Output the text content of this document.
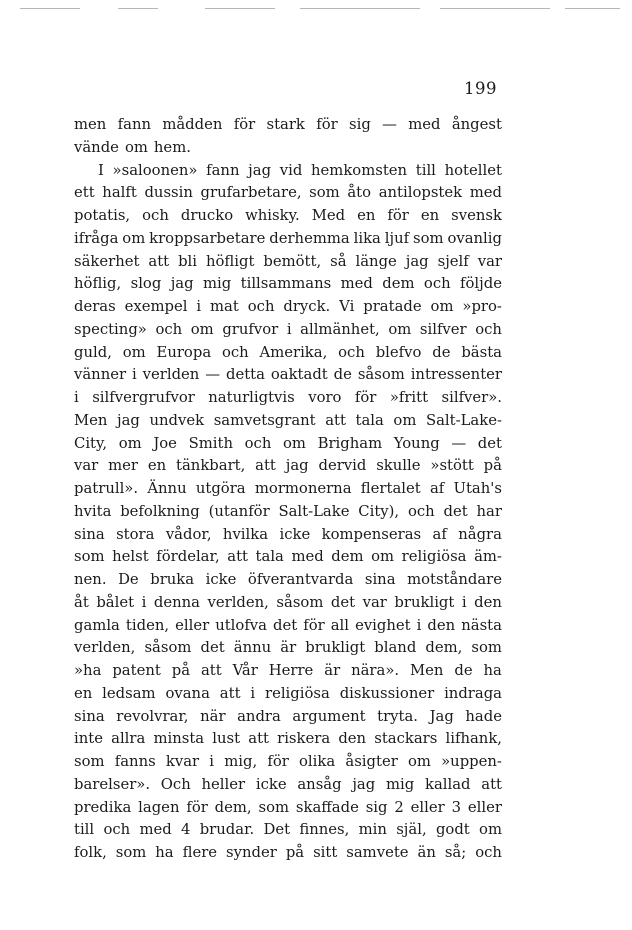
199
men fann mådden för stark för sig — med ångest
vände om hem.
I »saloonen» fann jag vid hemkomsten till hotellet
ett halft dussin grufarbetare, som åto antilopstek med
potatis, och drucko whisky. Med en för en svensk
ifråga om kroppsarbetare derhemma lika ljuf som ovanlig
säkerhet att bli höfligt bemött, så länge jag sjelf var
höflig, slog jag mig tillsammans med dem och följde
deras exempel i mat och dryck. Vi pratade om »pro-
specting» och om grufvor i allmänhet, om silfver och
guld, om Europa och Amerika, och blefvo de bästa
vänner i verlden — detta oaktadt de såsom intressenter
i silfvergrufvor naturligtvis voro för »fritt silfver».
Men jag undvek samvetsgrant att tala om Salt-Lake-
City, om Joe Smith och om Brigham Young — det
var mer en tänkbart, att jag dervid skulle »stött på
patrull». Ännu utgöra mormonerna flertalet af Utah's
hvita befolkning (utanför Salt-Lake City), och det har
sina stora vådor, hvilka icke kompenseras af några
som helst fördelar, att tala med dem om religiösa äm-
nen. De bruka icke öfverantvarda sina motståndare
åt bålet i denna verlden, såsom det var brukligt i den
gamla tiden, eller utlofva det för all evighet i den nästa
verlden, såsom det ännu är brukligt bland dem, som
»ha patent på att Vår Herre är nära». Men de ha
en ledsam ovana att i religiösa diskussioner indraga
sina revolvrar, när andra argument tryta. Jag hade
inte allra minsta lust att riskera den stackars lifhank,
som fanns kvar i mig, för olika åsigter om »uppen-
barelser». Och heller icke ansåg jag mig kallad att
predika lagen för dem, som skaffade sig 2 eller 3 eller
till och med 4 brudar. Det finnes, min själ, godt om
folk, som ha flere synder på sitt samvete än så; och
